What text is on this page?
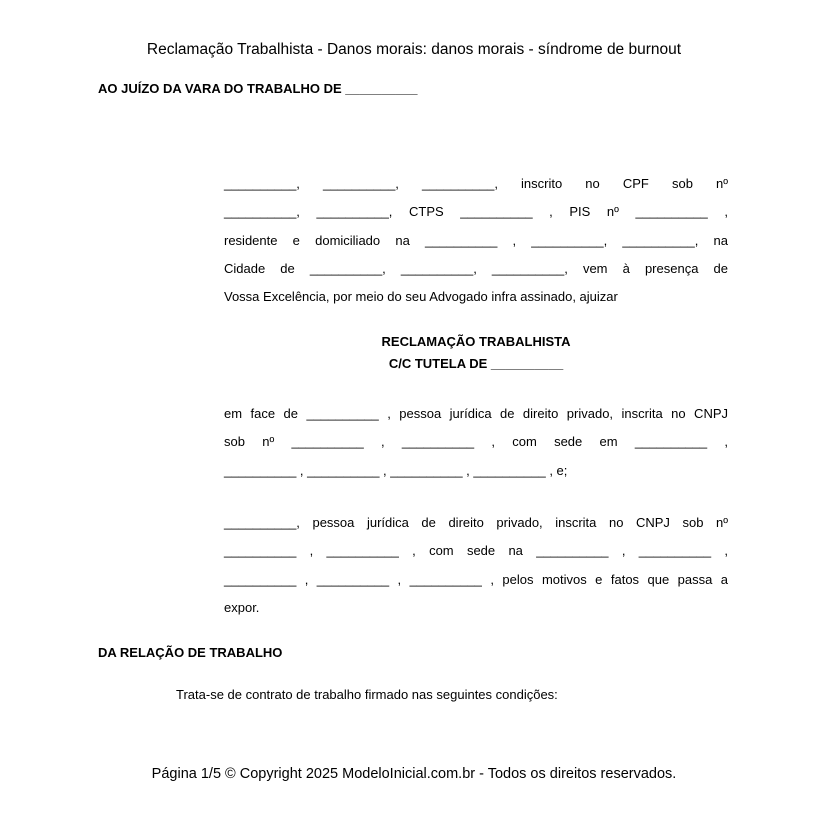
Reclamação Trabalhista - Danos morais: danos morais - síndrome de burnout
AO JUÍZO DA VARA DO TRABALHO DE __________
__________, __________, __________, inscrito no CPF sob nº
__________, __________, CTPS __________ , PIS nº __________ ,
residente e domiciliado na __________ , __________, __________, na
Cidade de __________, __________, __________, vem à presença de
Vossa Excelência, por meio do seu Advogado infra assinado, ajuizar
RECLAMAÇÃO TRABALHISTA
C/C TUTELA DE __________
em face de __________ , pessoa jurídica de direito privado, inscrita no CNPJ
sob nº __________ , __________ , com sede em __________ ,
__________ , __________ , __________ , __________ , e;
__________, pessoa jurídica de direito privado, inscrita no CNPJ sob nº
__________ , __________ , com sede na __________ , __________ ,
__________ , __________ , __________ , pelos motivos e fatos que passa a
expor.
DA RELAÇÃO DE TRABALHO
Trata-se de contrato de trabalho firmado nas seguintes condições:
Página 1/5 © Copyright 2025 ModeloInicial.com.br - Todos os direitos reservados.
